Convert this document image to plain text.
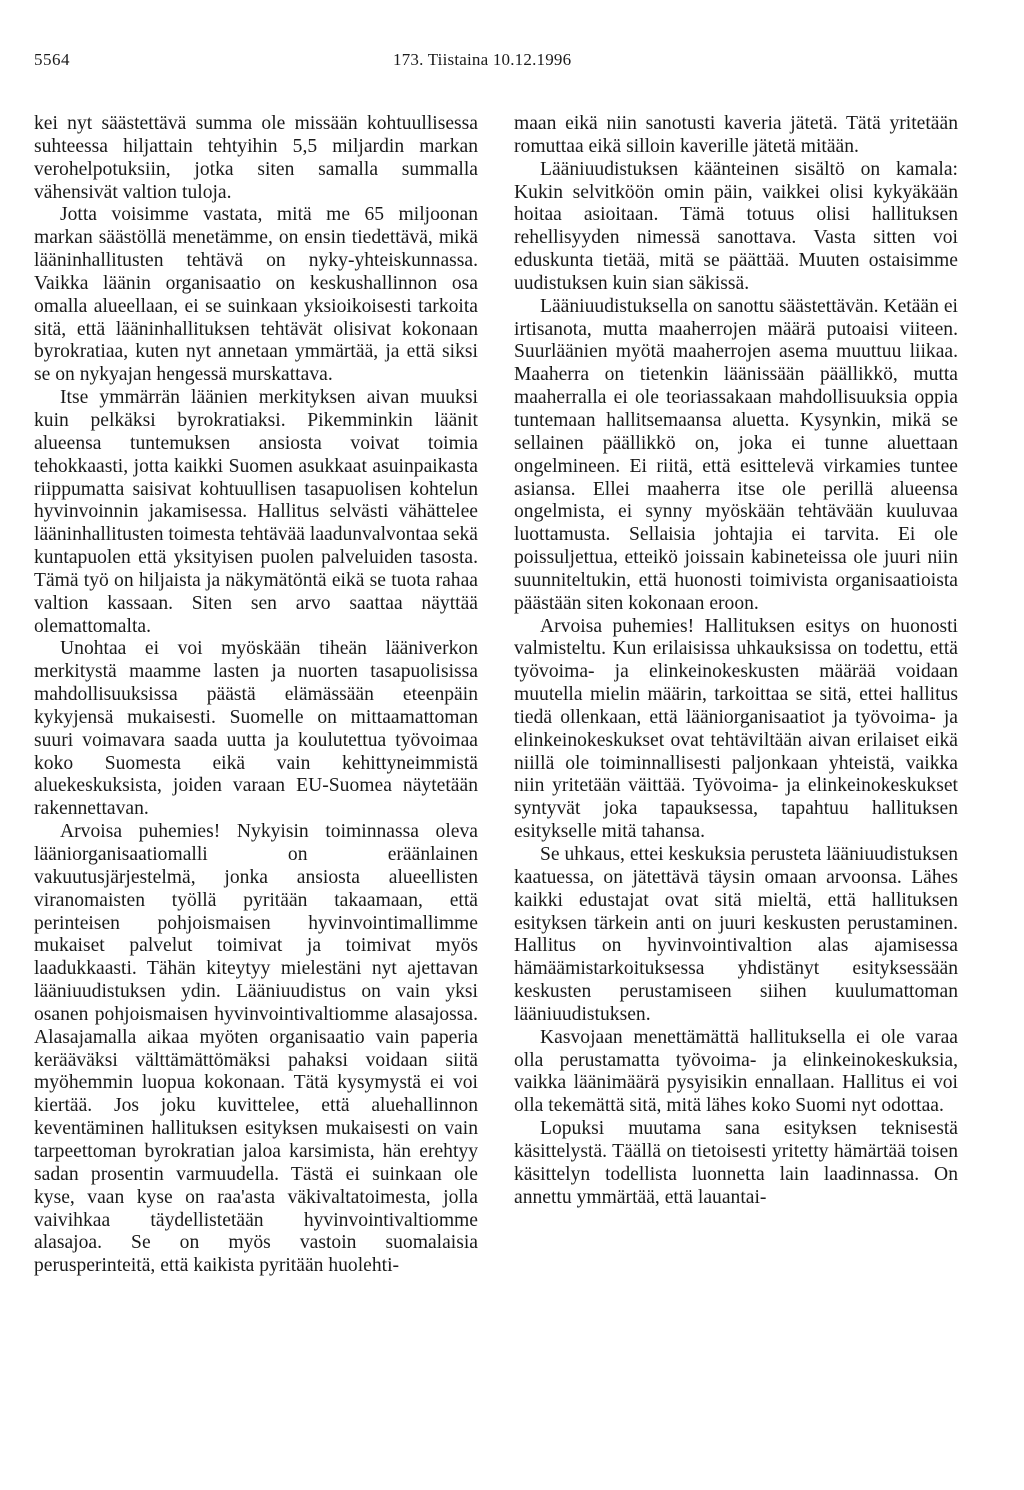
5564	173. Tiistaina 10.12.1996

kei nyt säästettävä summa ole missään kohtuullisessa suhteessa hiljattain tehtyihin 5,5 miljardin markan verohelpotuksiin, jotka siten samalla summalla vähensivät valtion tuloja.

Jotta voisimme vastata, mitä me 65 miljoonan markan säästöllä menetämme, on ensin tiedettävä, mikä lääninhallitusten tehtävä on nyky-yhteiskunnassa. Vaikka läänin organisaatio on keskushallinnon osa omalla alueellaan, ei se suinkaan yksioikoisesti tarkoita sitä, että lääninhallituksen tehtävät olisivat kokonaan byrokratiaa, kuten nyt annetaan ymmärtää, ja että siksi se on nykyajan hengessä murskattava.

Itse ymmärrän läänien merkityksen aivan muuksi kuin pelkäksi byrokratiaksi. Pikemminkin läänit alueensa tuntemuksen ansiosta voivat toimia tehokkaasti, jotta kaikki Suomen asukkaat asuinpaikasta riippumatta saisivat kohtuullisen tasapuolisen kohtelun hyvinvoinnin jakamisessa. Hallitus selvästi vähättelee lääninhallitusten toimesta tehtävää laadunvalvontaa sekä kuntapuolen että yksityisen puolen palveluiden tasosta. Tämä työ on hiljaista ja näkymätöntä eikä se tuota rahaa valtion kassaan. Siten sen arvo saattaa näyttää olemattomalta.

Unohtaa ei voi myöskään tiheän lääniverkon merkitystä maamme lasten ja nuorten tasapuolisissa mahdollisuuksissa päästä elämässään eteenpäin kykyjensä mukaisesti. Suomelle on mittaamattoman suuri voimavara saada uutta ja koulutettua työvoimaa koko Suomesta eikä vain kehittyneimmistä aluekeskuksista, joiden varaan EU-Suomea näytetään rakennettavan.

Arvoisa puhemies! Nykyisin toiminnassa oleva lääniorganisaatiomalli on eräänlainen vakuutusjärjestelmä, jonka ansiosta alueellisten viranomaisten työllä pyritään takaamaan, että perinteisen pohjoismaisen hyvinvointimallimme mukaiset palvelut toimivat ja toimivat myös laadukkaasti. Tähän kiteytyy mielestäni nyt ajettavan lääniuudistuksen ydin. Lääniuudistus on vain yksi osanen pohjoismaisen hyvinvointivaltiomme alasajossa. Alasajamalla aikaa myöten organisaatio vain paperia kerääväksi välttämättömäksi pahaksi voidaan siitä myöhemmin luopua kokonaan. Tätä kysymystä ei voi kiertää. Jos joku kuvittelee, että aluehallinnon keventäminen hallituksen esityksen mukaisesti on vain tarpeettoman byrokratian jaloa karsimista, hän erehtyy sadan prosentin varmuudella. Tästä ei suinkaan ole kyse, vaan kyse on raa'asta väkivaltatoimesta, jolla vaivihkaa täydellistetään hyvinvointivaltiomme alasajoa. Se on myös vastoin suomalaisia perusperinteitä, että kaikista pyritään huolehti-

maan eikä niin sanotusti kaveria jätetä. Tätä yritetään romuttaa eikä silloin kaverille jätetä mitään.

Lääniuudistuksen käänteinen sisältö on kamala: Kukin selvitköön omin päin, vaikkei olisi kykyäkään hoitaa asioitaan. Tämä totuus olisi hallituksen rehellisyyden nimessä sanottava. Vasta sitten voi eduskunta tietää, mitä se päättää. Muuten ostaisimme uudistuksen kuin sian säkissä.

Lääniuudistuksella on sanottu säästettävän. Ketään ei irtisanota, mutta maaherrojen määrä putoaisi viiteen. Suurläänien myötä maaherrojen asema muuttuu liikaa. Maaherra on tietenkin läänissään päällikkö, mutta maaherralla ei ole teoriassakaan mahdollisuuksia oppia tuntemaan hallitsemaansa aluetta. Kysynkin, mikä se sellainen päällikkö on, joka ei tunne aluettaan ongelmineen. Ei riitä, että esittelevä virkamies tuntee asiansa. Ellei maaherra itse ole perillä alueensa ongelmista, ei synny myöskään tehtävään kuuluvaa luottamusta. Sellaisia johtajia ei tarvita. Ei ole poissuljettua, etteikö joissain kabineteissa ole juuri niin suunniteltukin, että huonosti toimivista organisaatioista päästään siten kokonaan eroon.

Arvoisa puhemies! Hallituksen esitys on huonosti valmisteltu. Kun erilaisissa uhkauksissa on todettu, että työvoima- ja elinkeinokeskusten määrää voidaan muutella mielin määrin, tarkoittaa se sitä, ettei hallitus tiedä ollenkaan, että lääniorganisaatiot ja työvoima- ja elinkeinokeskukset ovat tehtäviltään aivan erilaiset eikä niillä ole toiminnallisesti paljonkaan yhteistä, vaikka niin yritetään väittää. Työvoima- ja elinkeinokeskukset syntyvät joka tapauksessa, tapahtuu hallituksen esitykselle mitä tahansa.

Se uhkaus, ettei keskuksia perusteta lääniuudistuksen kaatuessa, on jätettävä täysin omaan arvoonsa. Lähes kaikki edustajat ovat sitä mieltä, että hallituksen esityksen tärkein anti on juuri keskusten perustaminen. Hallitus on hyvinvointivaltion alas ajamisessa hämäämistarkoituksessa yhdistänyt esityksessään keskusten perustamiseen siihen kuulumattoman lääniuudistuksen.

Kasvojaan menettämättä hallituksella ei ole varaa olla perustamatta työvoima- ja elinkeinokeskuksia, vaikka läänimäärä pysyisikin ennallaan. Hallitus ei voi olla tekemättä sitä, mitä lähes koko Suomi nyt odottaa.

Lopuksi muutama sana esityksen teknisestä käsittelystä. Täällä on tietoisesti yritetty hämärtää toisen käsittelyn todellista luonnetta lain laadinnassa. On annettu ymmärtää, että lauantai-
